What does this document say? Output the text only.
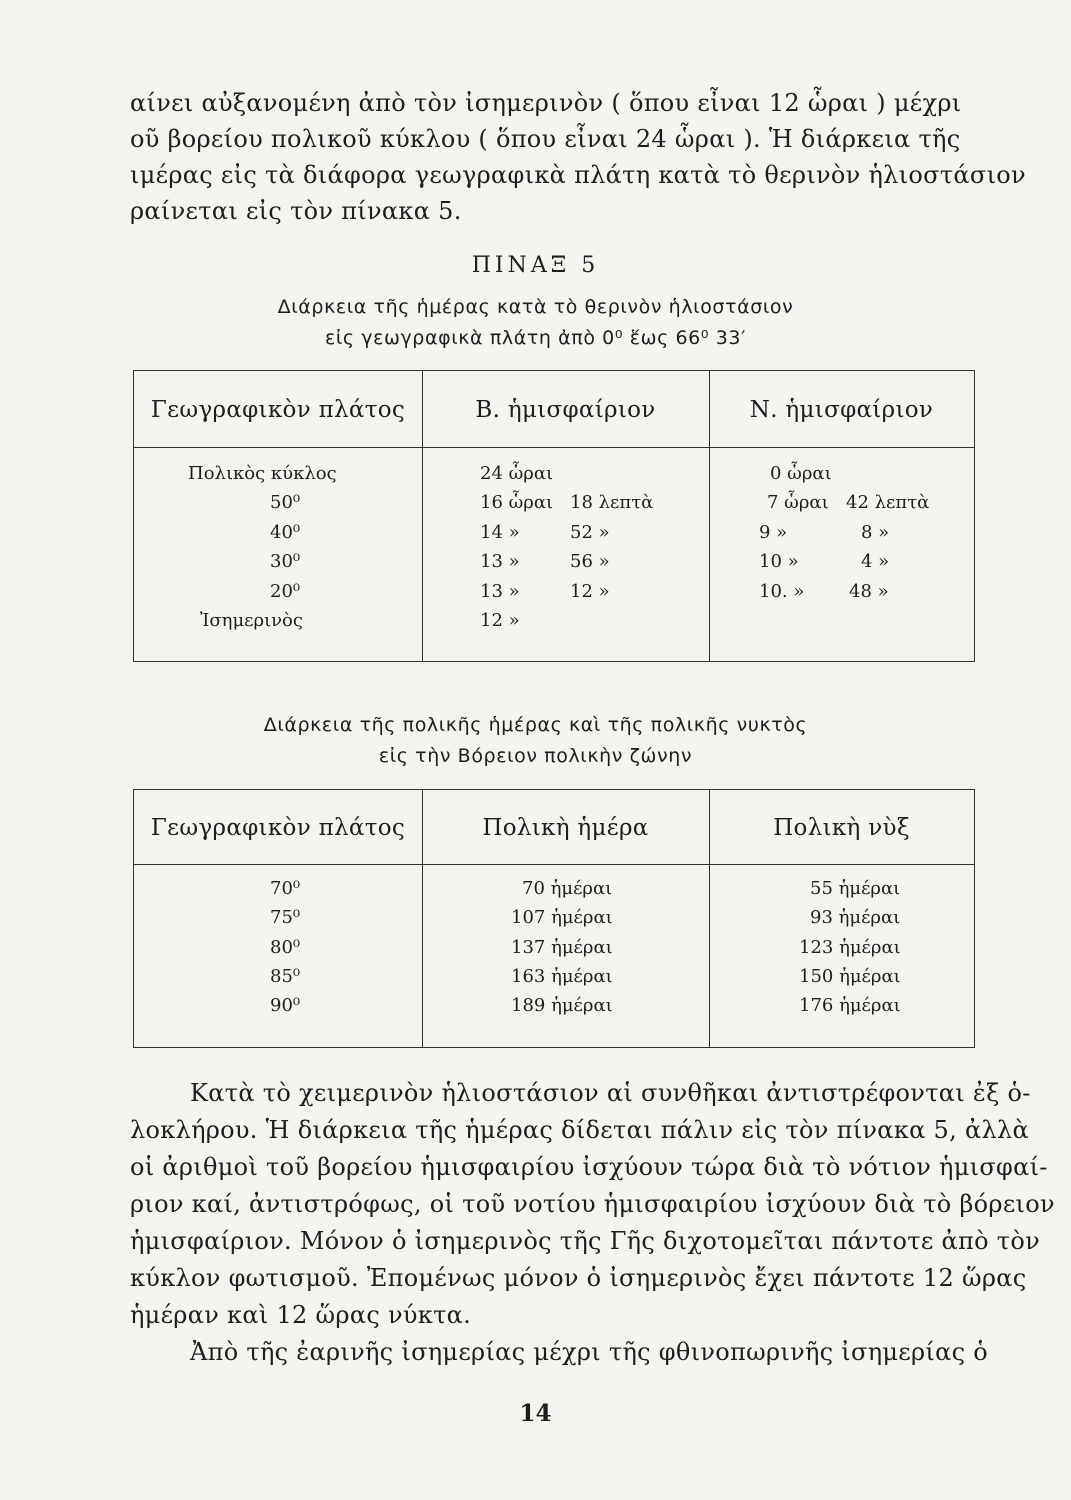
αίνει αὐξανομένη ἀπὸ τὸν ἰσημερινὸν ( ὅπου εἶναι 12 ὧραι ) μέχρι
οῦ βορείου πολικοῦ κύκλου ( ὅπου εἶναι 24 ὧραι ). Ἡ διάρκεια τῆς
ιμέρας εἰς τὰ διάφορα γεωγραφικὰ πλάτη κατὰ τὸ θερινὸν ἡλιοστάσιον
ραίνεται εἰς τὸν πίνακα 5.
ΠΙΝΑΞ 5
Διάρκεια τῆς ἡμέρας κατὰ τὸ θερινὸν ἡλιοστάσιον
εἰς γεωγραφικὰ πλάτη ἀπὸ 0⁰ ἕως 66⁰ 33′
Γεωγραφικὸν πλάτος	Β. ἡμισφαίριον	Ν. ἡμισφαίριον
Πολικὸς κύκλος	24 ὧραι	0 ὧραι
50⁰	16 ὧραι 18 λεπτὰ	7 ὧραι 42 λεπτὰ
40⁰	14 »	52 »	9 »	8 »
30⁰	13 »	56 »	10 »	4 »
20⁰	13 »	12 »	10. » 48 »
Ἰσημερινὸς	12 »
Διάρκεια τῆς πολικῆς ἡμέρας καὶ τῆς πολικῆς νυκτὸς
εἰς τὴν Βόρειον πολικὴν ζώνην
Γεωγραφικὸν πλάτος	Πολικὴ ἡμέρα	Πολικὴ νὺξ
70⁰	70 ἡμέραι	55 ἡμέραι
75⁰	107 ἡμέραι	93 ἡμέραι
80⁰	137 ἡμέραι	123 ἡμέραι
85⁰	163 ἡμέραι	150 ἡμέραι
90⁰	189 ἡμέραι	176 ἡμέραι
Κατὰ τὸ χειμερινὸν ἡλιοστάσιον αἱ συνθῆκαι ἀντιστρέφονται ἐξ ὁ-
λοκλήρου. Ἡ διάρκεια τῆς ἡμέρας δίδεται πάλιν εἰς τὸν πίνακα 5, ἀλλὰ
οἱ ἀριθμοὶ τοῦ βορείου ἡμισφαιρίου ἰσχύουν τώρα διὰ τὸ νότιον ἡμισφαί-
ριον καί, ἀντιστρόφως, οἱ τοῦ νοτίου ἡμισφαιρίου ἰσχύουν διὰ τὸ βόρειον
ἡμισφαίριον. Μόνον ὁ ἰσημερινὸς τῆς Γῆς διχοτομεῖται πάντοτε ἀπὸ τὸν
κύκλον φωτισμοῦ. Ἐπομένως μόνον ὁ ἰσημερινὸς ἔχει πάντοτε 12 ὥρας
ἡμέραν καὶ 12 ὥρας νύκτα.
Ἀπὸ τῆς ἐαρινῆς ἰσημερίας μέχρι τῆς φθινοπωρινῆς ἰσημερίας ὁ
14
